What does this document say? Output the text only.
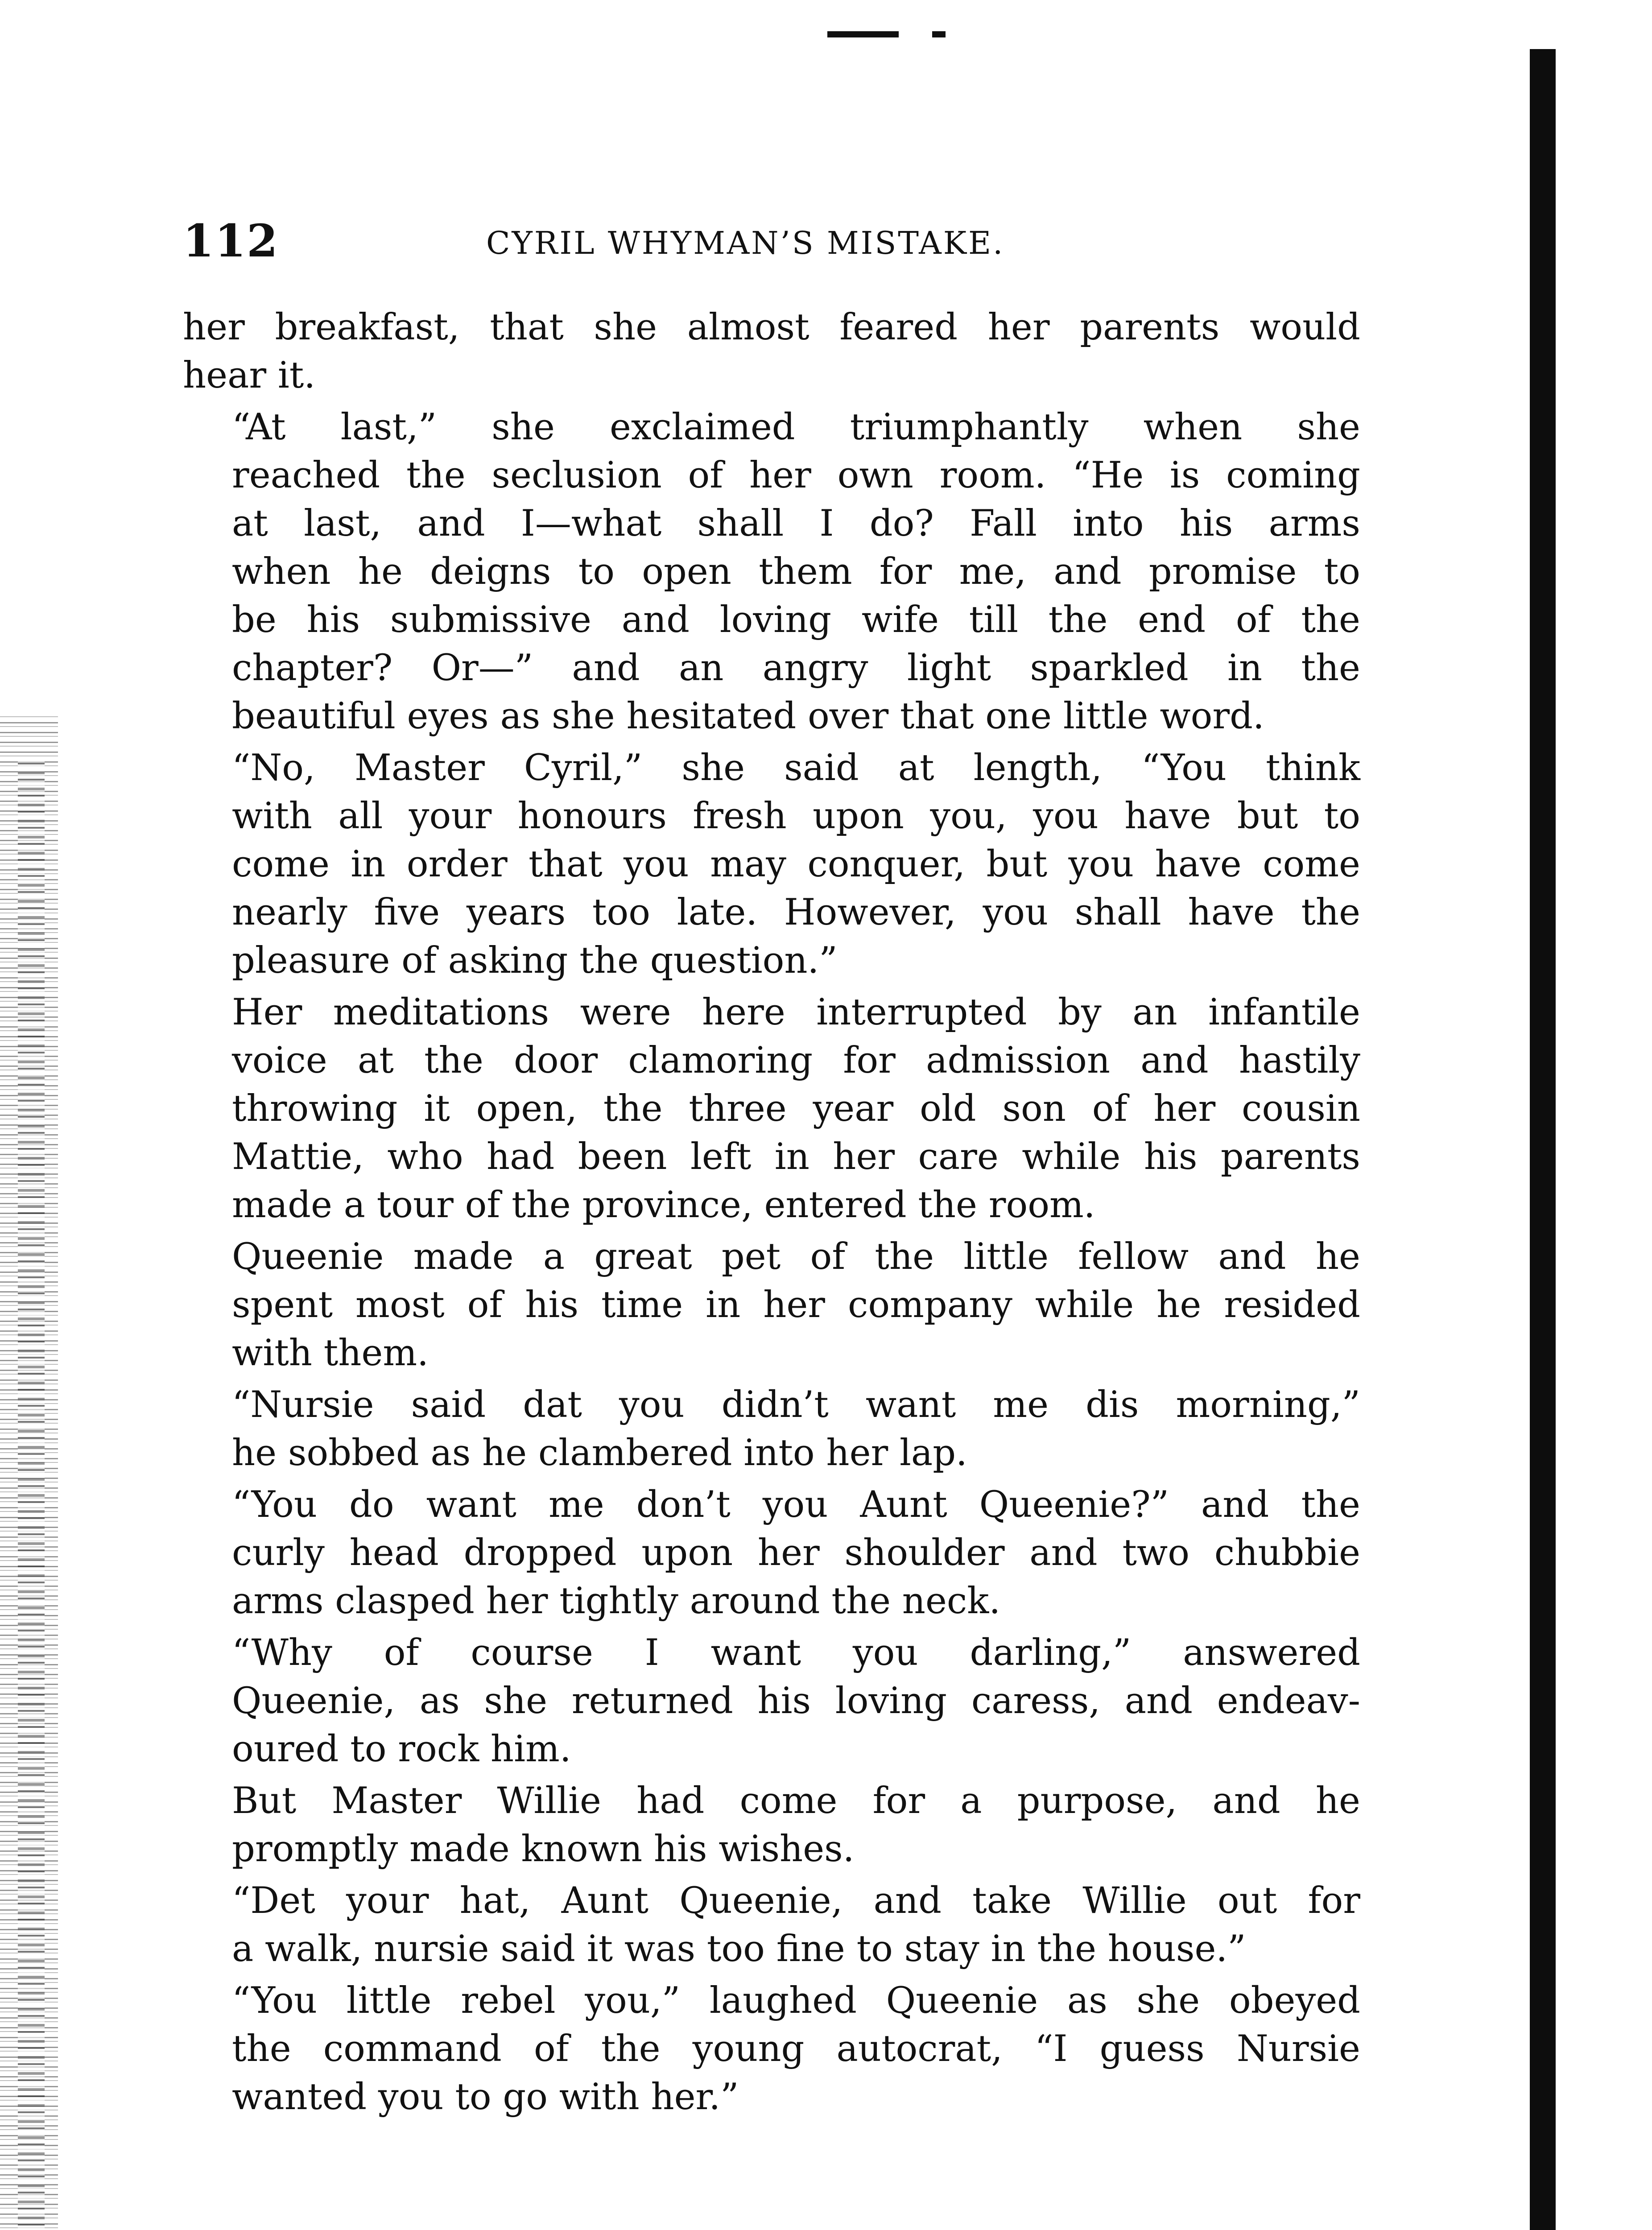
112	CYRIL WHYMAN’S MISTAKE.

her breakfast, that she almost feared her parents would
hear it.

“At last,” she exclaimed triumphantly when she
reached the seclusion of her own room. “He is coming
at last, and I—what shall I do? Fall into his arms
when he deigns to open them for me, and promise to
be his submissive and loving wife till the end of the
chapter? Or—” and an angry light sparkled in the
beautiful eyes as she hesitated over that one little word.

“No, Master Cyril,” she said at length, “You think
with all your honours fresh upon you, you have but to
come in order that you may conquer, but you have come
nearly five years too late. However, you shall have the
pleasure of asking the question.”

Her meditations were here interrupted by an infantile
voice at the door clamoring for admission and hastily
throwing it open, the three year old son of her cousin
Mattie, who had been left in her care while his parents
made a tour of the province, entered the room.

Queenie made a great pet of the little fellow and he
spent most of his time in her company while he resided
with them.

“Nursie said dat you didn’t want me dis morning,”
he sobbed as he clambered into her lap.

“You do want me don’t you Aunt Queenie?” and the
curly head dropped upon her shoulder and two chubbie
arms clasped her tightly around the neck.

“Why of course I want you darling,” answered
Queenie, as she returned his loving caress, and endeav-
oured to rock him.

But Master Willie had come for a purpose, and he
promptly made known his wishes.

“Det your hat, Aunt Queenie, and take Willie out for
a walk, nursie said it was too fine to stay in the house.”

“You little rebel you,” laughed Queenie as she obeyed
the command of the young autocrat, “I guess Nursie
wanted you to go with her.”
